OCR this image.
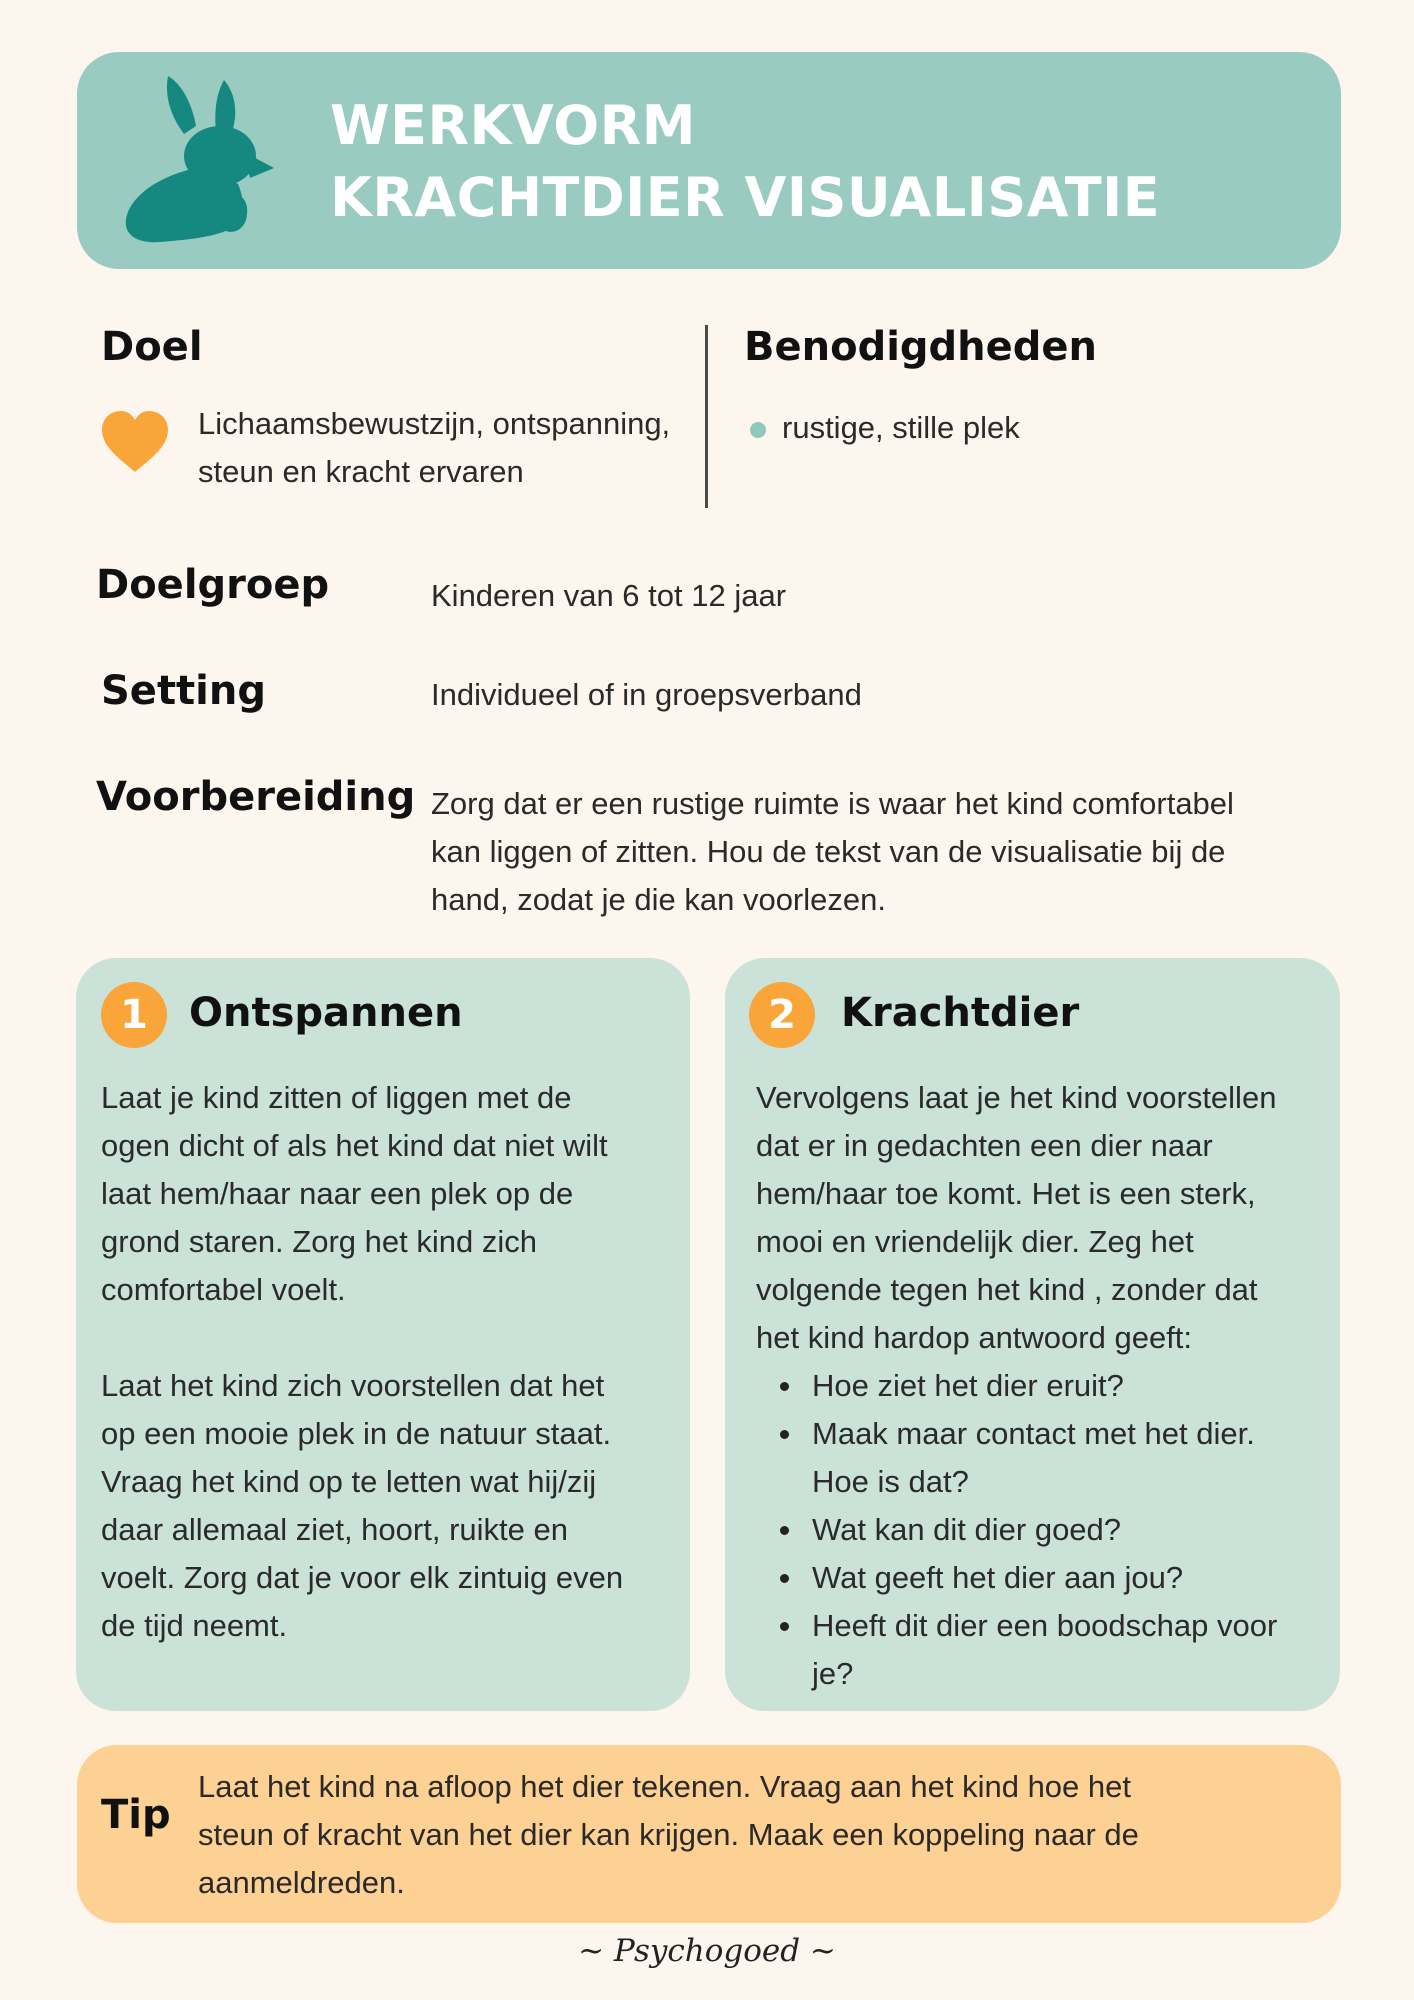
WERKVORM
KRACHTDIER VISUALISATIE
Doel
Lichaamsbewustzijn, ontspanning,
steun en kracht ervaren
Benodigdheden
rustige, stille plek
Doelgroep	Kinderen van 6 tot 12 jaar
Setting	Individueel of in groepsverband
Voorbereiding Zorg dat er een rustige ruimte is waar het kind comfortabel
kan liggen of zitten. Hou de tekst van de visualisatie bij de
hand, zodat je die kan voorlezen.
1	Ontspannen
Laat je kind zitten of liggen met de
ogen dicht of als het kind dat niet wilt
laat hem/haar naar een plek op de
grond staren. Zorg het kind zich
comfortabel voelt.
Laat het kind zich voorstellen dat het
op een mooie plek in de natuur staat.
Vraag het kind op te letten wat hij/zij
daar allemaal ziet, hoort, ruikte en
voelt. Zorg dat je voor elk zintuig even
de tijd neemt.
2	Krachtdier
Vervolgens laat je het kind voorstellen
dat er in gedachten een dier naar
hem/haar toe komt. Het is een sterk,
mooi en vriendelijk dier. Zeg het
volgende tegen het kind , zonder dat
het kind hardop antwoord geeft:
Hoe ziet het dier eruit?
Maak maar contact met het dier.
Hoe is dat?
Wat kan dit dier goed?
Wat geeft het dier aan jou?
Heeft dit dier een boodschap voor
je?
Tip
Laat het kind na afloop het dier tekenen. Vraag aan het kind hoe het
steun of kracht van het dier kan krijgen. Maak een koppeling naar de
aanmeldreden.
~ Psychogoed ~
